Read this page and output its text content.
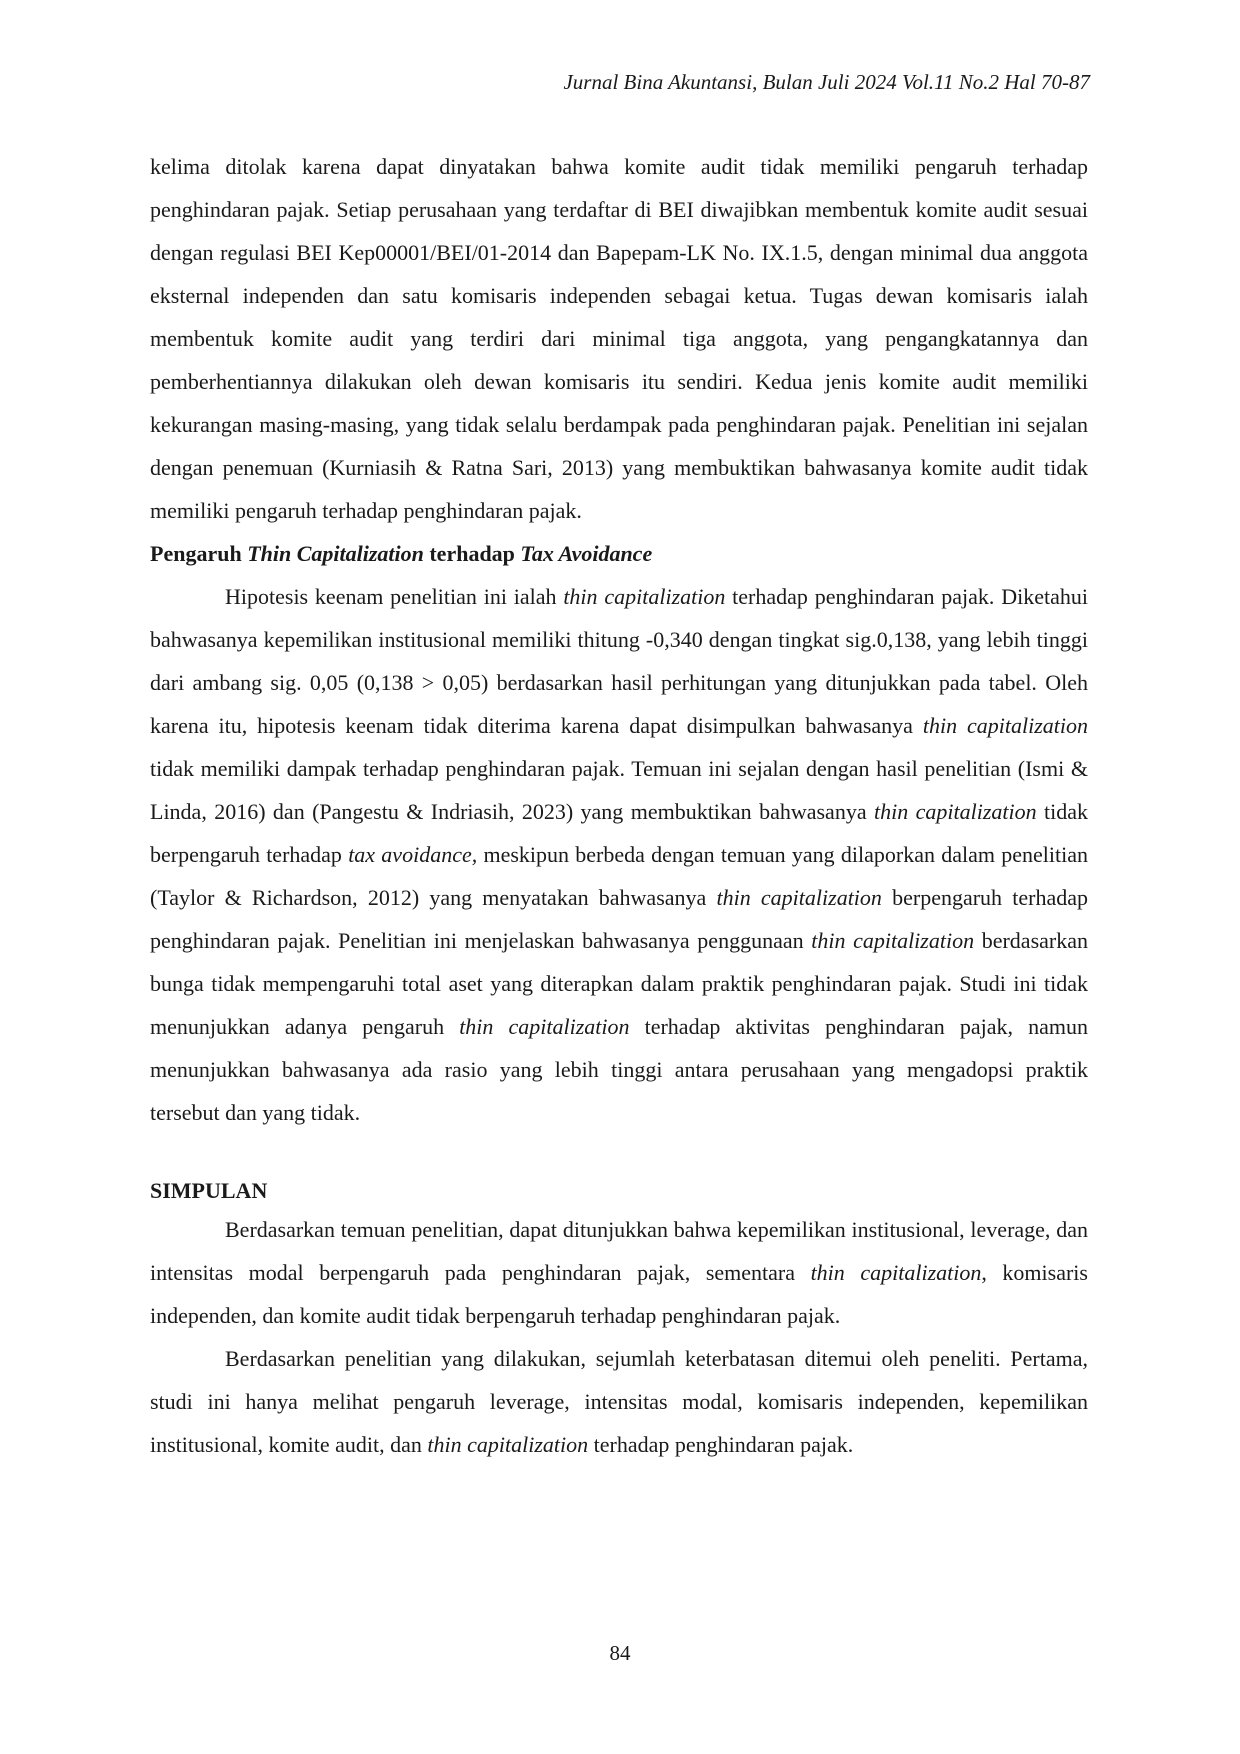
Jurnal Bina Akuntansi, Bulan Juli 2024 Vol.11 No.2 Hal 70-87

kelima ditolak karena dapat dinyatakan bahwa komite audit tidak memiliki pengaruh terhadap penghindaran pajak. Setiap perusahaan yang terdaftar di BEI diwajibkan membentuk komite audit sesuai dengan regulasi BEI Kep00001/BEI/01-2014 dan Bapepam-LK No. IX.1.5, dengan minimal dua anggota eksternal independen dan satu komisaris independen sebagai ketua. Tugas dewan komisaris ialah membentuk komite audit yang terdiri dari minimal tiga anggota, yang pengangkatannya dan pemberhentiannya dilakukan oleh dewan komisaris itu sendiri. Kedua jenis komite audit memiliki kekurangan masing-masing, yang tidak selalu berdampak pada penghindaran pajak. Penelitian ini sejalan dengan penemuan (Kurniasih & Ratna Sari, 2013) yang membuktikan bahwasanya komite audit tidak memiliki pengaruh terhadap penghindaran pajak.

Pengaruh Thin Capitalization terhadap Tax Avoidance

Hipotesis keenam penelitian ini ialah thin capitalization terhadap penghindaran pajak. Diketahui bahwasanya kepemilikan institusional memiliki thitung -0,340 dengan tingkat sig.0,138, yang lebih tinggi dari ambang sig. 0,05 (0,138 > 0,05) berdasarkan hasil perhitungan yang ditunjukkan pada tabel. Oleh karena itu, hipotesis keenam tidak diterima karena dapat disimpulkan bahwasanya thin capitalization tidak memiliki dampak terhadap penghindaran pajak. Temuan ini sejalan dengan hasil penelitian (Ismi & Linda, 2016) dan (Pangestu & Indriasih, 2023) yang membuktikan bahwasanya thin capitalization tidak berpengaruh terhadap tax avoidance, meskipun berbeda dengan temuan yang dilaporkan dalam penelitian (Taylor & Richardson, 2012) yang menyatakan bahwasanya thin capitalization berpengaruh terhadap penghindaran pajak. Penelitian ini menjelaskan bahwasanya penggunaan thin capitalization berdasarkan bunga tidak mempengaruhi total aset yang diterapkan dalam praktik penghindaran pajak. Studi ini tidak menunjukkan adanya pengaruh thin capitalization terhadap aktivitas penghindaran pajak, namun menunjukkan bahwasanya ada rasio yang lebih tinggi antara perusahaan yang mengadopsi praktik tersebut dan yang tidak.

SIMPULAN

Berdasarkan temuan penelitian, dapat ditunjukkan bahwa kepemilikan institusional, leverage, dan intensitas modal berpengaruh pada penghindaran pajak, sementara thin capitalization, komisaris independen, dan komite audit tidak berpengaruh terhadap penghindaran pajak.

Berdasarkan penelitian yang dilakukan, sejumlah keterbatasan ditemui oleh peneliti. Pertama, studi ini hanya melihat pengaruh leverage, intensitas modal, komisaris independen, kepemilikan institusional, komite audit, dan thin capitalization terhadap penghindaran pajak.

84
